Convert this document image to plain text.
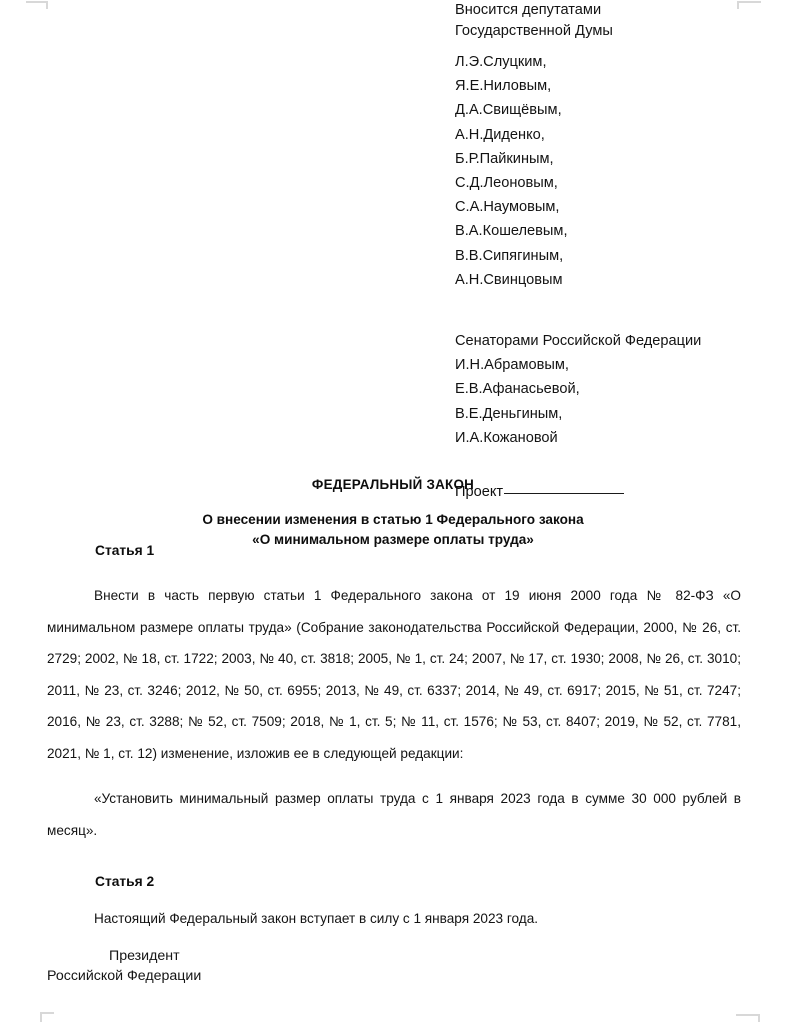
Вносится депутатами
Государственной Думы
Л.Э.Слуцким,
Я.Е.Ниловым,
Д.А.Свищёвым,
А.Н.Диденко,
Б.Р.Пайкиным,
С.Д.Леоновым,
С.А.Наумовым,
В.А.Кошелевым,
В.В.Сипягиным,
А.Н.Свинцовым
Сенаторами Российской Федерации
И.Н.Абрамовым,
Е.В.Афанасьевой,
В.Е.Деньгиным,
И.А.Кожановой
Проект
ФЕДЕРАЛЬНЫЙ ЗАКОН
О внесении изменения в статью 1 Федерального закона
«О минимальном размере оплаты труда»
Статья 1
Внести в часть первую статьи 1 Федерального закона от 19 июня 2000 года № 82-ФЗ «О минимальном размере оплаты труда» (Собрание законодательства Российской Федерации, 2000, № 26, ст. 2729; 2002, № 18, ст. 1722; 2003, № 40, ст. 3818; 2005, № 1, ст. 24; 2007, № 17, ст. 1930; 2008, № 26, ст. 3010; 2011, № 23, ст. 3246; 2012, № 50, ст. 6955; 2013, № 49, ст. 6337; 2014, № 49, ст. 6917; 2015, № 51, ст. 7247; 2016, № 23, ст. 3288; № 52, ст. 7509; 2018, № 1, ст. 5; № 11, ст. 1576; № 53, ст. 8407; 2019, № 52, ст. 7781, 2021, № 1, ст. 12) изменение, изложив ее в следующей редакции:
«Установить минимальный размер оплаты труда с 1 января 2023 года в сумме 30 000 рублей в месяц».
Статья 2
Настоящий Федеральный закон вступает в силу с 1 января 2023 года.
Президент
Российской Федерации
